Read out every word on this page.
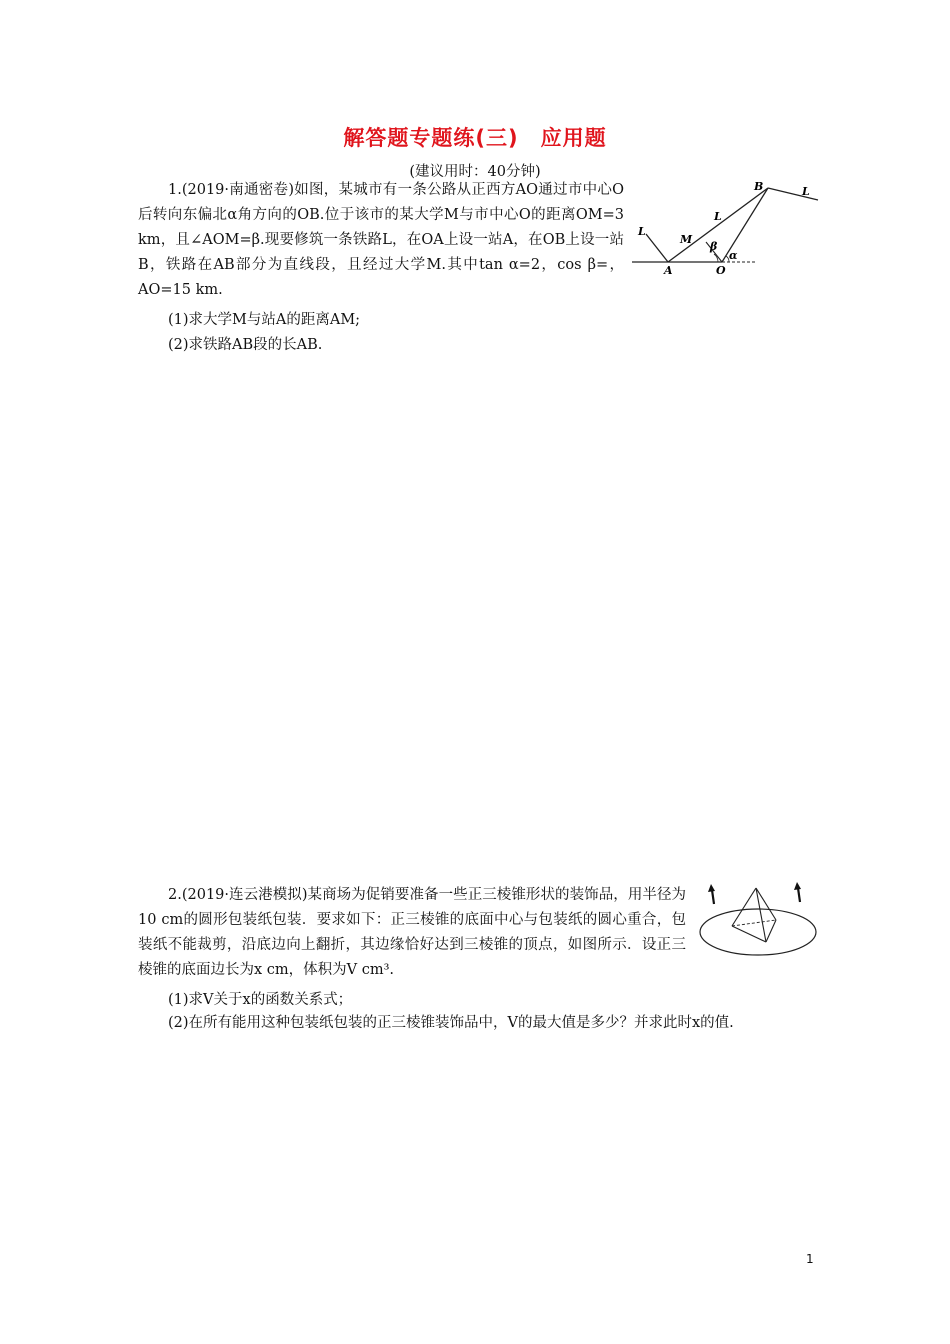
解答题专题练(三)　应用题
(建议用时：40分钟)
1.(2019·南通密卷)如图，某城市有一条公路从正西方AO通过市中心O后转向东偏北α角方向的OB.位于该市的某大学M与市中心O的距离OM=3 km，且∠AOM=β.现要修筑一条铁路L，在OA上设一站A，在OB上设一站B，铁路在AB部分为直线段，且经过大学M.其中tan α=2，cos β=，AO=15 km.
(1)求大学M与站A的距离AM;
(2)求铁路AB段的长AB.
B	L
L
L
M
β
α
A	O
2.(2019·连云港模拟)某商场为促销要准备一些正三棱锥形状的装饰品，用半径为10 cm的圆形包装纸包装．要求如下：正三棱锥的底面中心与包装纸的圆心重合，包装纸不能裁剪，沿底边向上翻折，其边缘恰好达到三棱锥的顶点，如图所示．设正三棱锥的底面边长为x cm，体积为V cm³.
(1)求V关于x的函数关系式；
(2)在所有能用这种包装纸包装的正三棱锥装饰品中，V的最大值是多少？并求此时x的值.
1
